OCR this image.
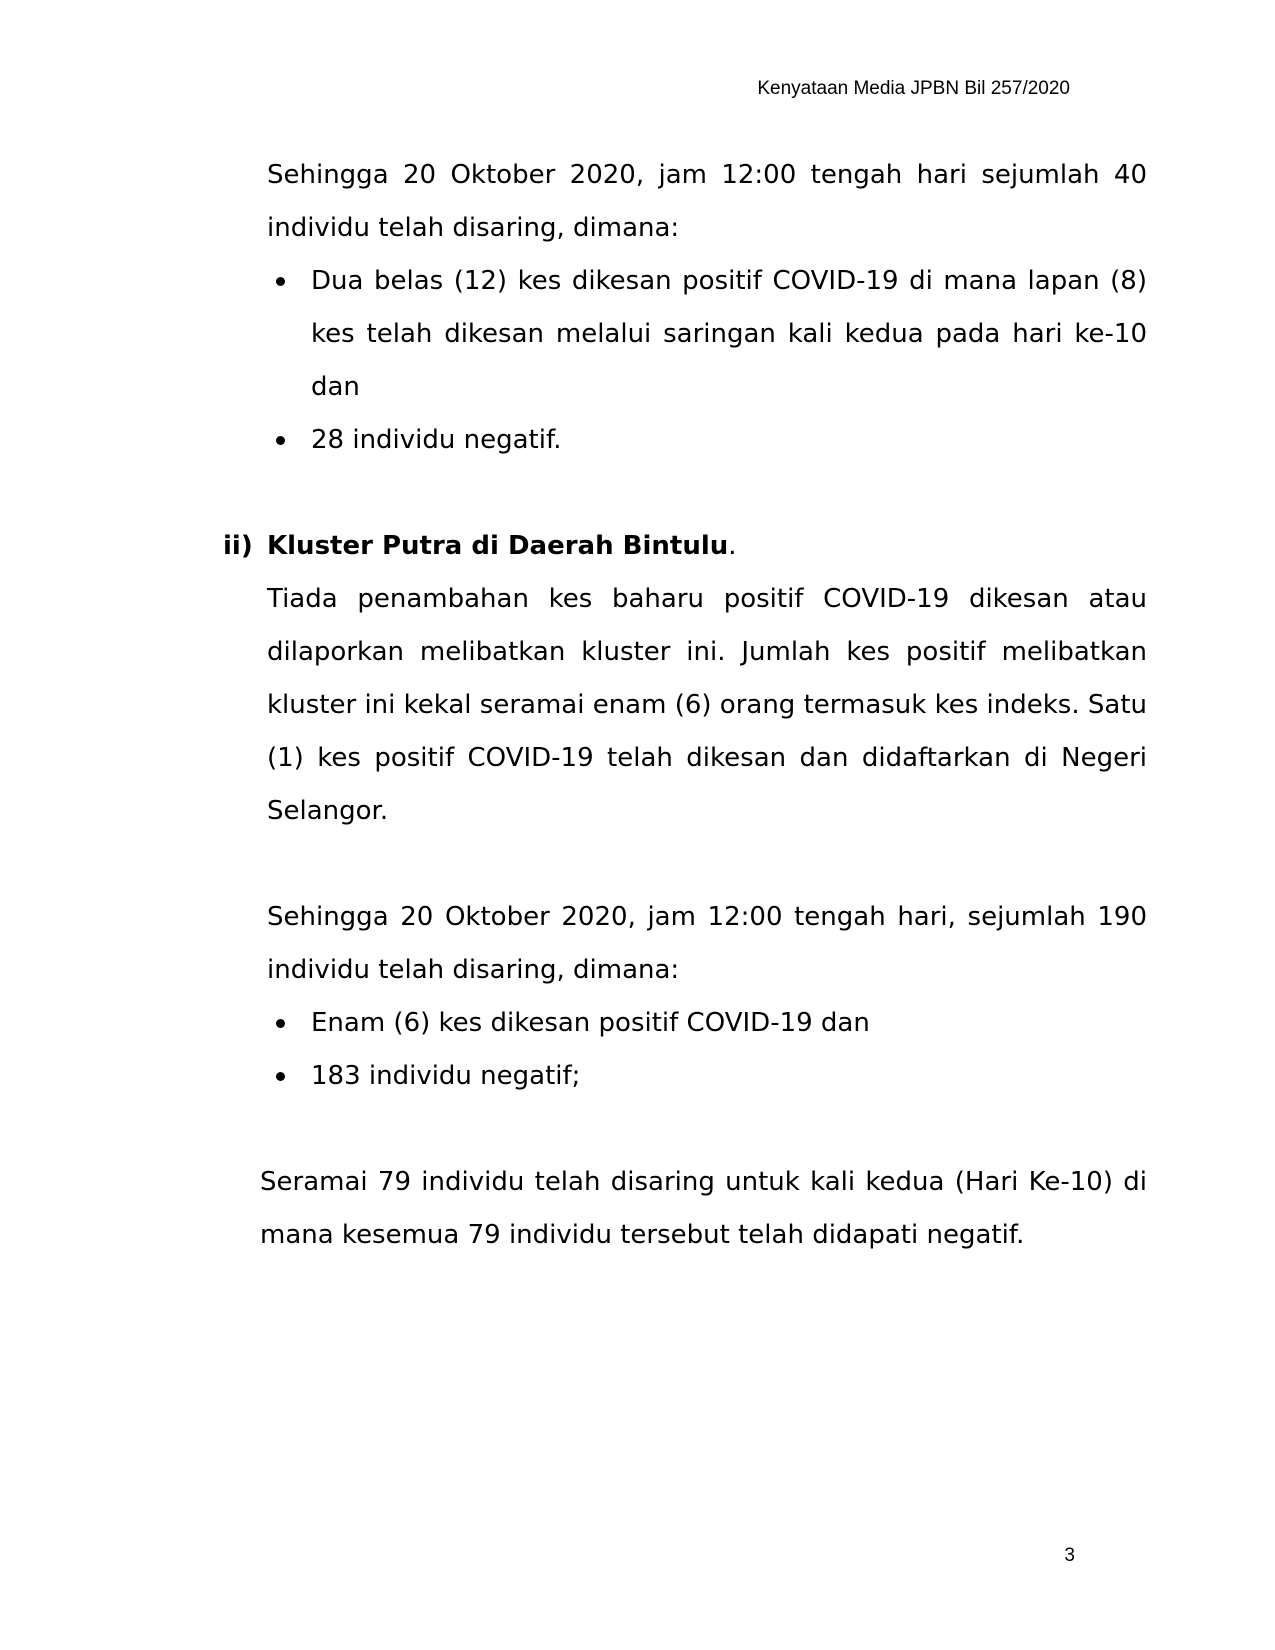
Kenyataan Media JPBN Bil 257/2020

Sehingga 20 Oktober 2020, jam 12:00 tengah hari sejumlah 40 individu telah disaring, dimana:

Dua belas (12) kes dikesan positif COVID-19 di mana lapan (8) kes telah dikesan melalui saringan kali kedua pada hari ke-10 dan
28 individu negatif.

ii) Kluster Putra di Daerah Bintulu.

Tiada penambahan kes baharu positif COVID-19 dikesan atau dilaporkan melibatkan kluster ini. Jumlah kes positif melibatkan kluster ini kekal seramai enam (6) orang termasuk kes indeks. Satu (1) kes positif COVID-19 telah dikesan dan didaftarkan di Negeri Selangor.

Sehingga 20 Oktober 2020, jam 12:00 tengah hari, sejumlah 190 individu telah disaring, dimana:

Enam (6) kes dikesan positif COVID-19 dan
183 individu negatif;

Seramai 79 individu telah disaring untuk kali kedua (Hari Ke-10) di mana kesemua 79 individu tersebut telah didapati negatif.

3
